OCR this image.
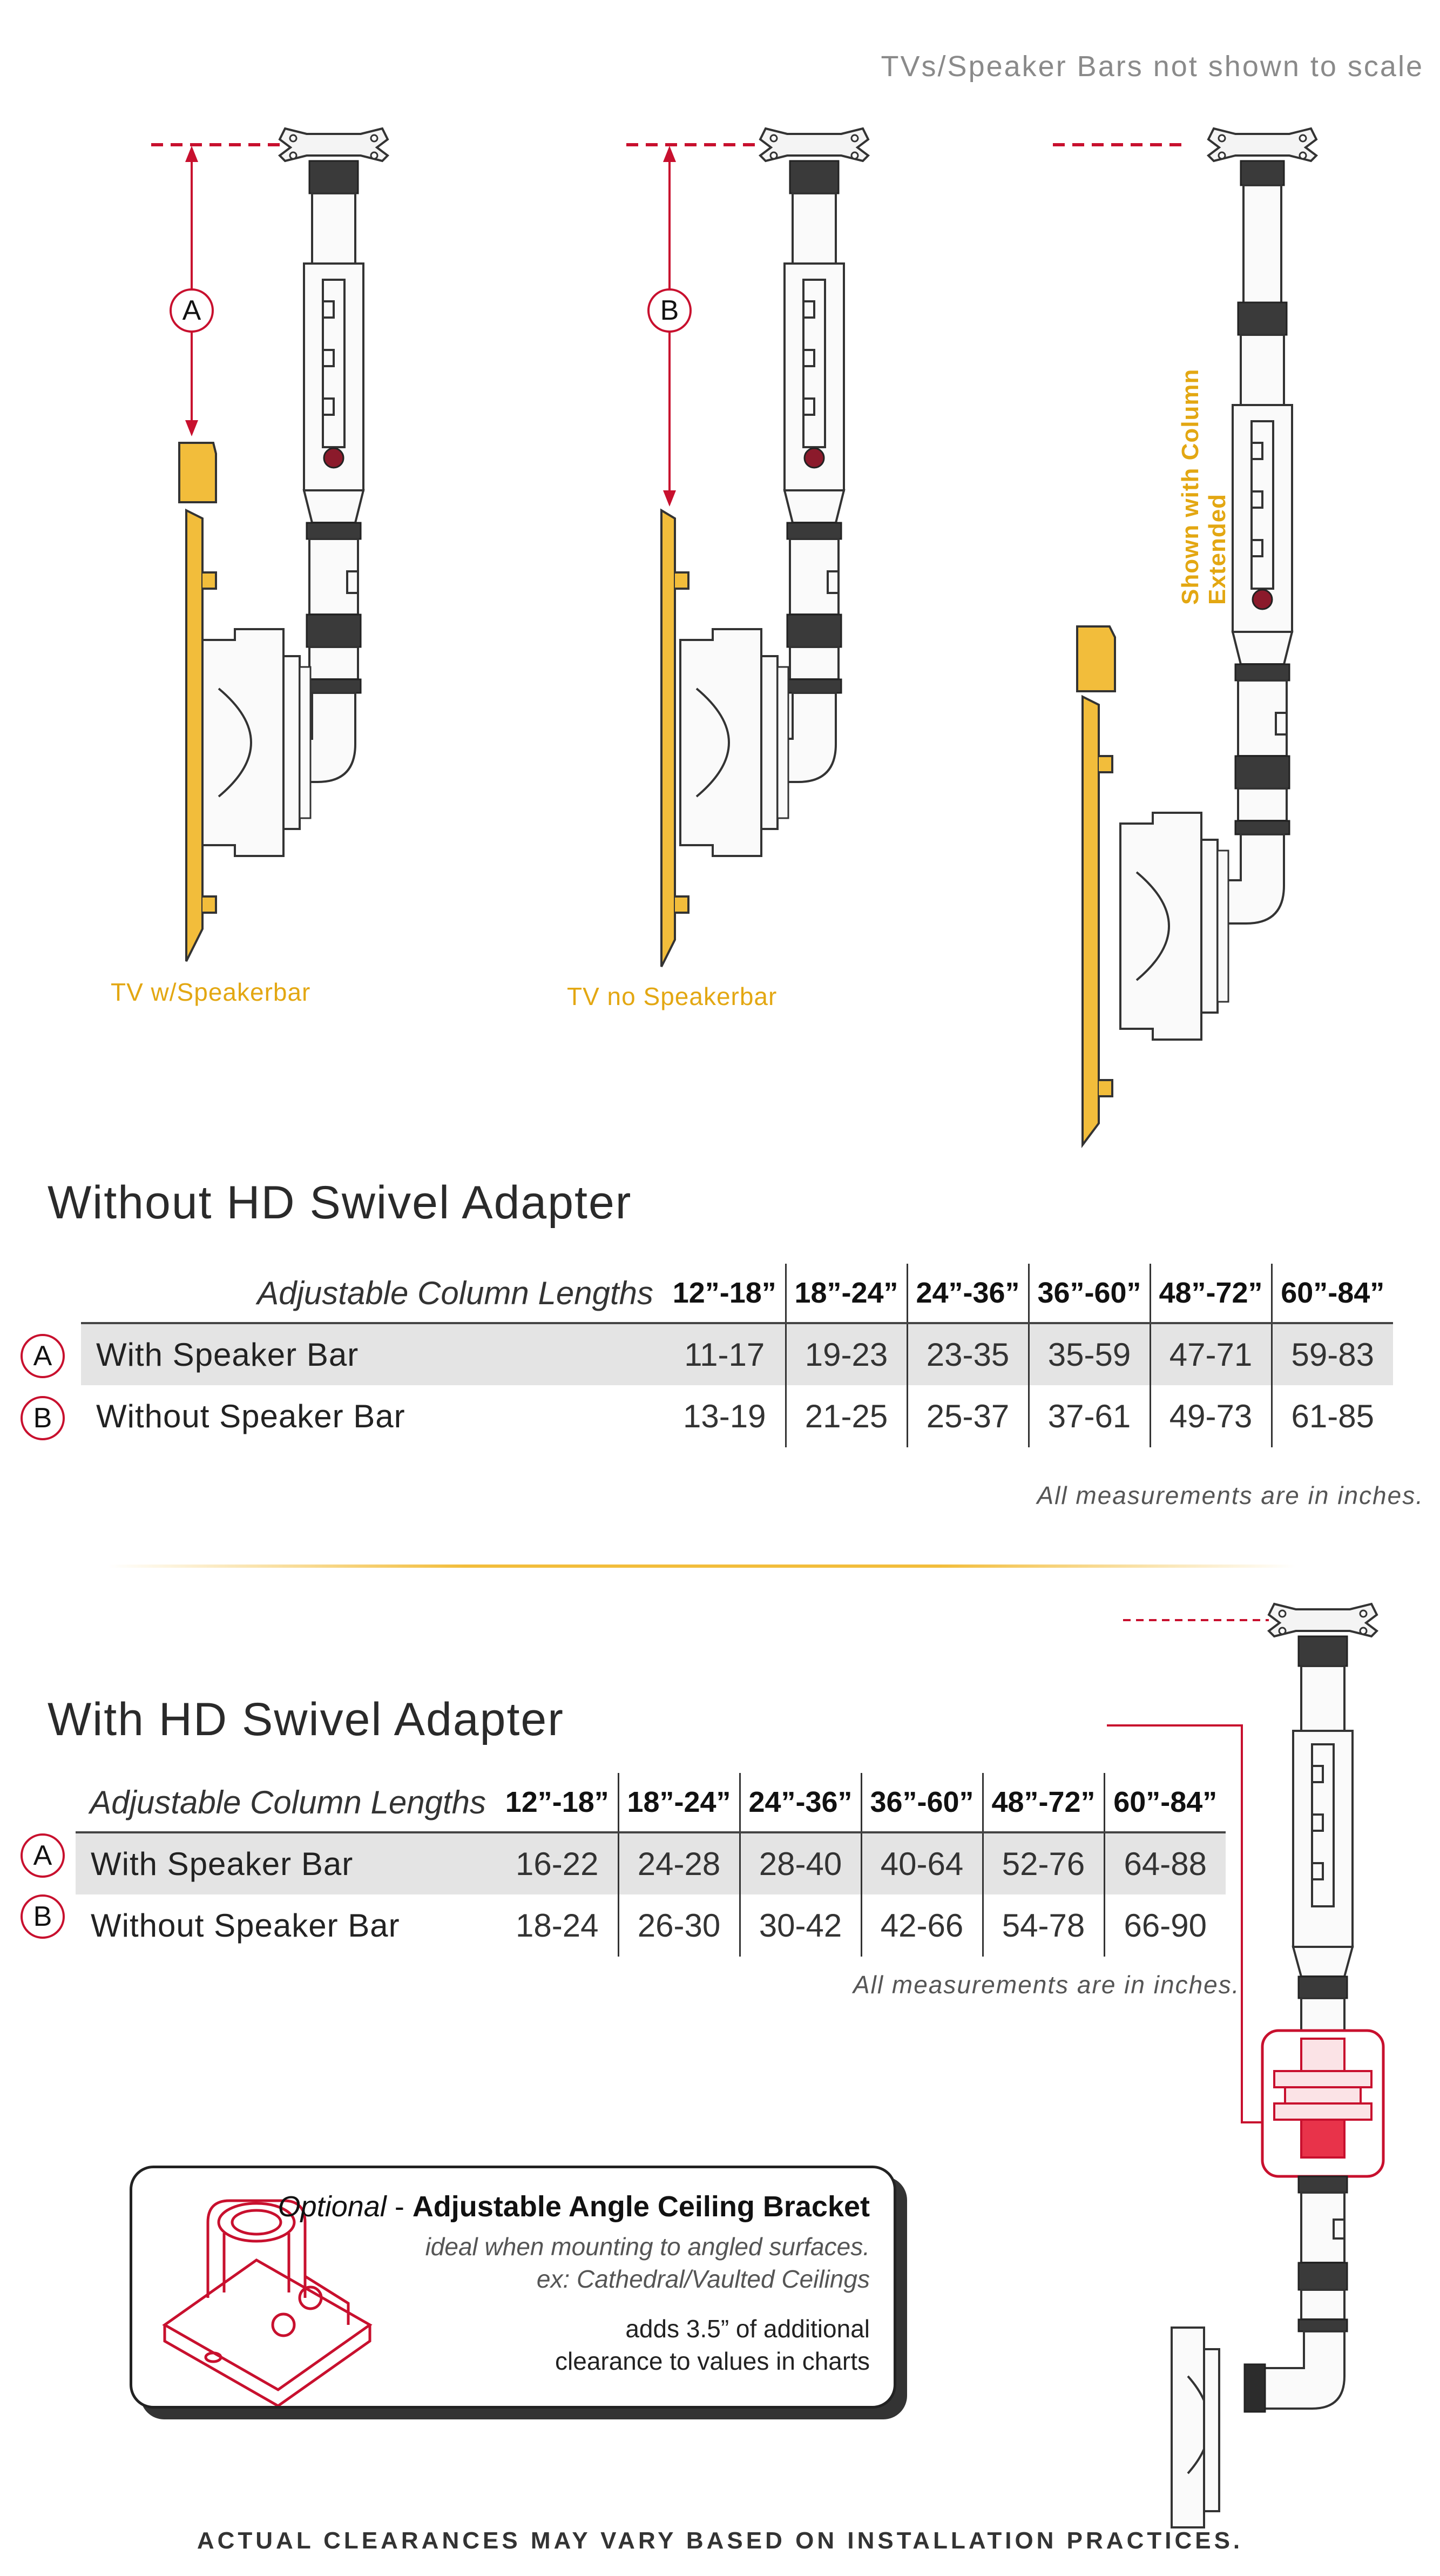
TVs/Speaker Bars not shown to scale
A	B
TV w/Speakerbar	TV no Speakerbar
Shown with Column Extended
Without HD Swivel Adapter
A
B
Adjustable Column Lengths	12”-18”	18”-24”	24”-36”	36”-60”	48”-72”	60”-84”
With Speaker Bar	11-17	19-23	23-35	35-59	47-71	59-83
Without Speaker Bar	13-19	21-25	25-37	37-61	49-73	61-85
All measurements are in inches.
With HD Swivel Adapter
A
B
Adjustable Column Lengths	12”-18”	18”-24”	24”-36”	36”-60”	48”-72”	60”-84”
With Speaker Bar	16-22	24-28	28-40	40-64	52-76	64-88
Without Speaker Bar	18-24	26-30	30-42	42-66	54-78	66-90
All measurements are in inches.
Optional - Adjustable Angle Ceiling Bracket
ideal when mounting to angled surfaces.
ex: Cathedral/Vaulted Ceilings
adds 3.5” of additional
clearance to values in charts
ACTUAL CLEARANCES MAY VARY BASED ON INSTALLATION PRACTICES.
